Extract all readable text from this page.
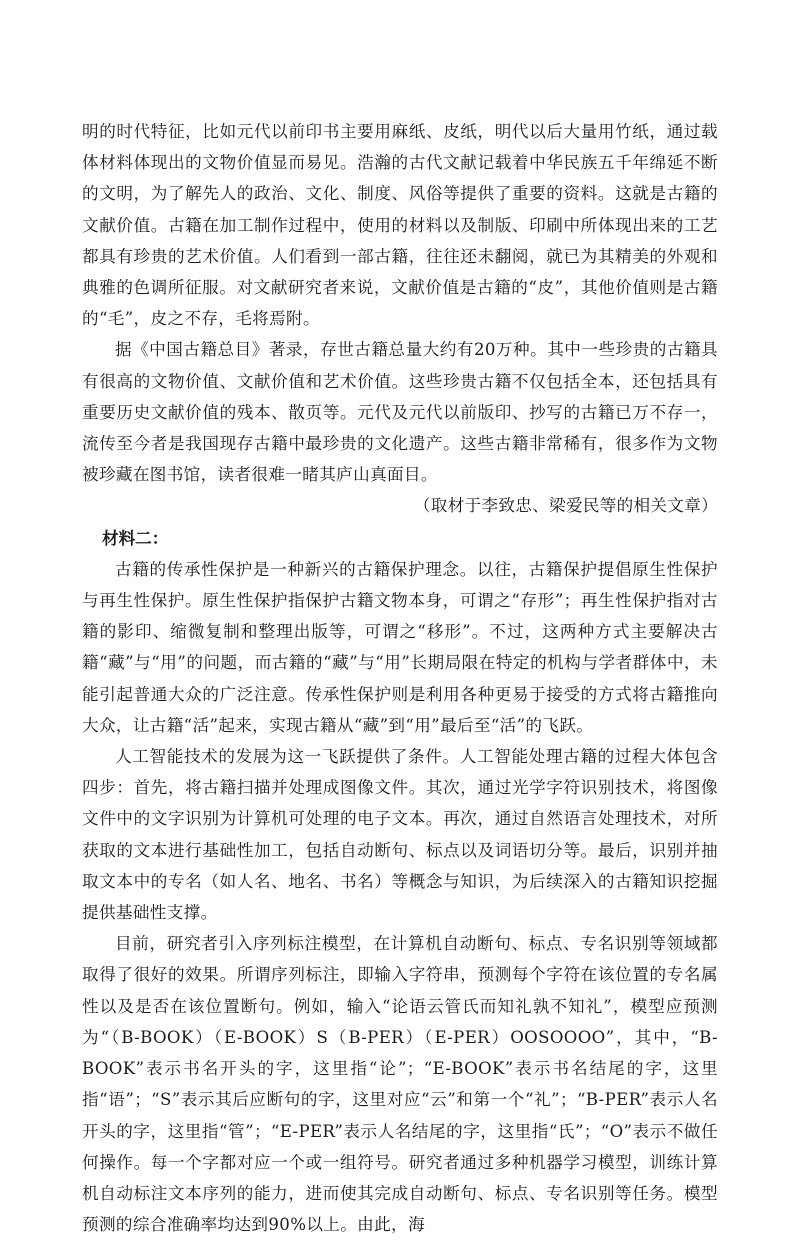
明的时代特征，比如元代以前印书主要用麻纸、皮纸，明代以后大量用竹纸，通过载体材料体现出的文物价值显而易见。浩瀚的古代文献记载着中华民族五千年绵延不断的文明，为了解先人的政治、文化、制度、风俗等提供了重要的资料。这就是古籍的文献价值。古籍在加工制作过程中，使用的材料以及制版、印刷中所体现出来的工艺都具有珍贵的艺术价值。人们看到一部古籍，往往还未翻阅，就已为其精美的外观和典雅的色调所征服。对文献研究者来说，文献价值是古籍的“皮”，其他价值则是古籍的“毛”，皮之不存，毛将焉附。

据《中国古籍总目》著录，存世古籍总量大约有20万种。其中一些珍贵的古籍具有很高的文物价值、文献价值和艺术价值。这些珍贵古籍不仅包括全本，还包括具有重要历史文献价值的残本、散页等。元代及元代以前版印、抄写的古籍已万不存一，流传至今者是我国现存古籍中最珍贵的文化遗产。这些古籍非常稀有，很多作为文物被珍藏在图书馆，读者很难一睹其庐山真面目。

（取材于李致忠、梁爱民等的相关文章）

材料二：

古籍的传承性保护是一种新兴的古籍保护理念。以往，古籍保护提倡原生性保护与再生性保护。原生性保护指保护古籍文物本身，可谓之“存形”；再生性保护指对古籍的影印、缩微复制和整理出版等，可谓之“移形”。不过，这两种方式主要解决古籍“藏”与“用”的问题，而古籍的“藏”与“用”长期局限在特定的机构与学者群体中，未能引起普通大众的广泛注意。传承性保护则是利用各种更易于接受的方式将古籍推向大众，让古籍“活”起来，实现古籍从“藏”到“用”最后至“活”的飞跃。

人工智能技术的发展为这一飞跃提供了条件。人工智能处理古籍的过程大体包含四步：首先，将古籍扫描并处理成图像文件。其次，通过光学字符识别技术，将图像文件中的文字识别为计算机可处理的电子文本。再次，通过自然语言处理技术，对所获取的文本进行基础性加工，包括自动断句、标点以及词语切分等。最后，识别并抽取文本中的专名（如人名、地名、书名）等概念与知识，为后续深入的古籍知识挖掘提供基础性支撑。

目前，研究者引入序列标注模型，在计算机自动断句、标点、专名识别等领域都取得了很好的效果。所谓序列标注，即输入字符串，预测每个字符在该位置的专名属性以及是否在该位置断句。例如，输入“论语云管氏而知礼孰不知礼”，模型应预测为“（B-BOOK）（E-BOOK）S（B-PER）（E-PER）OOSOOOO”，其中，“B-BOOK”表示书名开头的字，这里指“论”；“E-BOOK”表示书名结尾的字，这里指“语”；“S”表示其后应断句的字，这里对应“云”和第一个“礼”；“B-PER”表示人名开头的字，这里指“管”；“E-PER”表示人名结尾的字，这里指“氏”；“O”表示不做任何操作。每一个字都对应一个或一组符号。研究者通过多种机器学习模型，训练计算机自动标注文本序列的能力，进而使其完成自动断句、标点、专名识别等任务。模型预测的综合准确率均达到90%以上。由此，海
